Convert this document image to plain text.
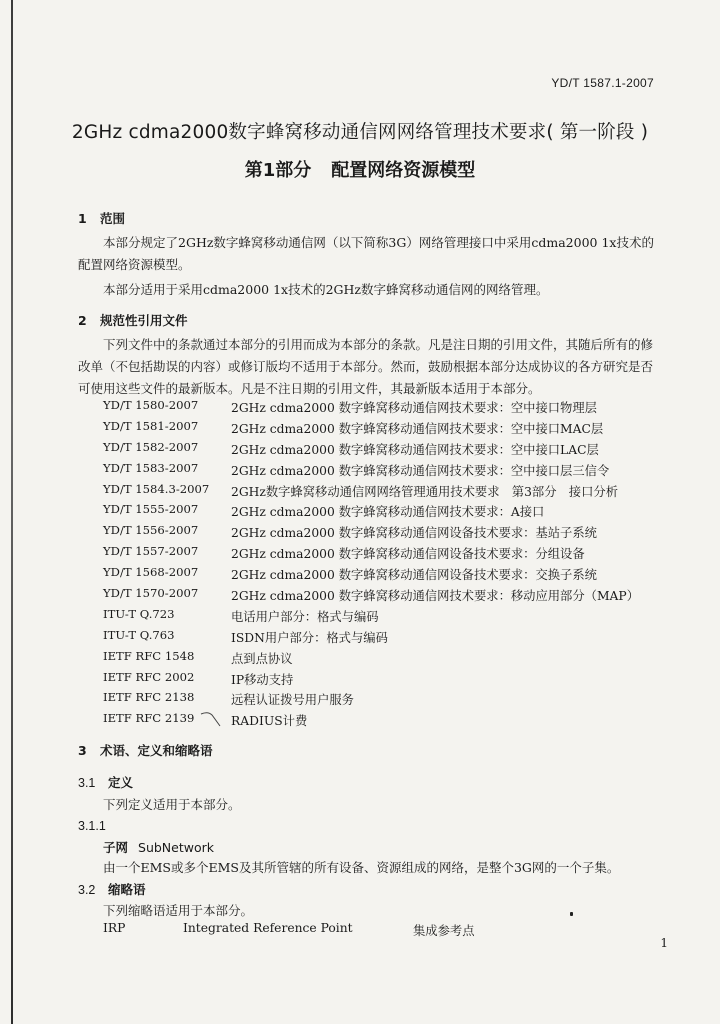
YD/T 1587.1-2007
2GHz cdma2000数字蜂窝移动通信网网络管理技术要求( 第一阶段 )
第1部分 配置网络资源模型
1 范围
本部分规定了2GHz数字蜂窝移动通信网（以下简称3G）网络管理接口中采用cdma2000 1x技术的配置网络资源模型。
本部分适用于采用cdma2000 1x技术的2GHz数字蜂窝移动通信网的网络管理。
2 规范性引用文件
下列文件中的条款通过本部分的引用而成为本部分的条款。凡是注日期的引用文件，其随后所有的修改单（不包括勘误的内容）或修订版均不适用于本部分。然而，鼓励根据本部分达成协议的各方研究是否可使用这些文件的最新版本。凡是不注日期的引用文件，其最新版本适用于本部分。
YD/T 1580-2007	2GHz cdma2000 数字蜂窝移动通信网技术要求：空中接口物理层
YD/T 1581-2007	2GHz cdma2000 数字蜂窝移动通信网技术要求：空中接口MAC层
YD/T 1582-2007	2GHz cdma2000 数字蜂窝移动通信网技术要求：空中接口LAC层
YD/T 1583-2007	2GHz cdma2000 数字蜂窝移动通信网技术要求：空中接口层三信令
YD/T 1584.3-2007	2GHz数字蜂窝移动通信网网络管理通用技术要求　第3部分　接口分析
YD/T 1555-2007	2GHz cdma2000 数字蜂窝移动通信网技术要求：A接口
YD/T 1556-2007	2GHz cdma2000 数字蜂窝移动通信网设备技术要求：基站子系统
YD/T 1557-2007	2GHz cdma2000 数字蜂窝移动通信网设备技术要求：分组设备
YD/T 1568-2007	2GHz cdma2000 数字蜂窝移动通信网设备技术要求：交换子系统
YD/T 1570-2007	2GHz cdma2000 数字蜂窝移动通信网技术要求：移动应用部分（MAP）
ITU-T Q.723	电话用户部分：格式与编码
ITU-T Q.763	ISDN用户部分：格式与编码
IETF RFC 1548	点到点协议
IETF RFC 2002	IP移动支持
IETF RFC 2138	远程认证拨号用户服务
IETF RFC 2139	RADIUS计费
3 术语、定义和缩略语
3.1 定义
下列定义适用于本部分。
3.1.1
子网 SubNetwork
由一个EMS或多个EMS及其所管辖的所有设备、资源组成的网络，是整个3G网的一个子集。
3.2 缩略语
下列缩略语适用于本部分。
IRP	Integrated Reference Point	集成参考点
1
